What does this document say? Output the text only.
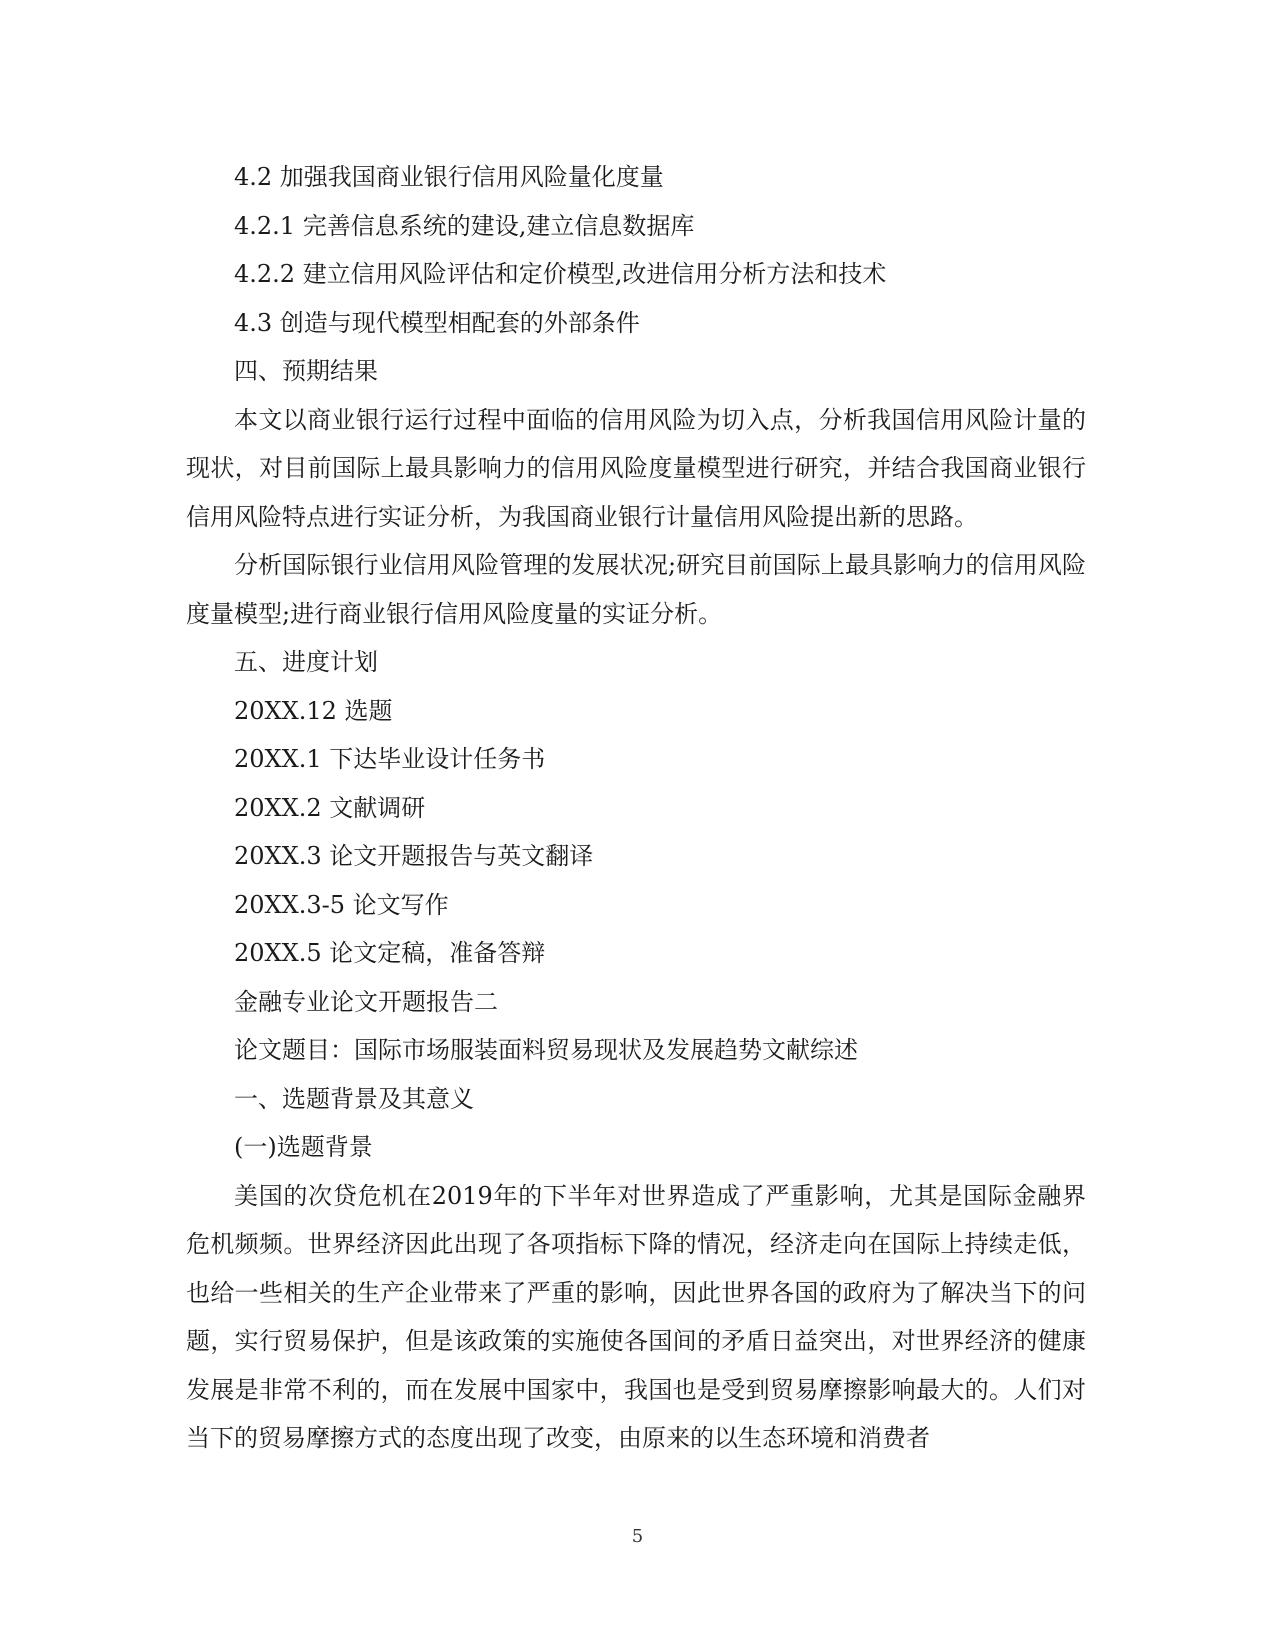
4.2 加强我国商业银行信用风险量化度量
4.2.1 完善信息系统的建设,建立信息数据库
4.2.2 建立信用风险评估和定价模型,改进信用分析方法和技术
4.3 创造与现代模型相配套的外部条件
四、预期结果

本文以商业银行运行过程中面临的信用风险为切入点，分析我国信用风险计量的现状，对目前国际上最具影响力的信用风险度量模型进行研究，并结合我国商业银行信用风险特点进行实证分析，为我国商业银行计量信用风险提出新的思路。

分析国际银行业信用风险管理的发展状况;研究目前国际上最具影响力的信用风险度量模型;进行商业银行信用风险度量的实证分析。

五、进度计划
20XX.12 选题
20XX.1 下达毕业设计任务书
20XX.2 文献调研
20XX.3 论文开题报告与英文翻译
20XX.3-5 论文写作
20XX.5 论文定稿，准备答辩
金融专业论文开题报告二
论文题目：国际市场服装面料贸易现状及发展趋势文献综述
一、选题背景及其意义
(一)选题背景

美国的次贷危机在2019年的下半年对世界造成了严重影响，尤其是国际金融界危机频频。世界经济因此出现了各项指标下降的情况，经济走向在国际上持续走低，也给一些相关的生产企业带来了严重的影响，因此世界各国的政府为了解决当下的问题，实行贸易保护，但是该政策的实施使各国间的矛盾日益突出，对世界经济的健康发展是非常不利的，而在发展中国家中，我国也是受到贸易摩擦影响最大的。人们对当下的贸易摩擦方式的态度出现了改变，由原来的以生态环境和消费者

5
